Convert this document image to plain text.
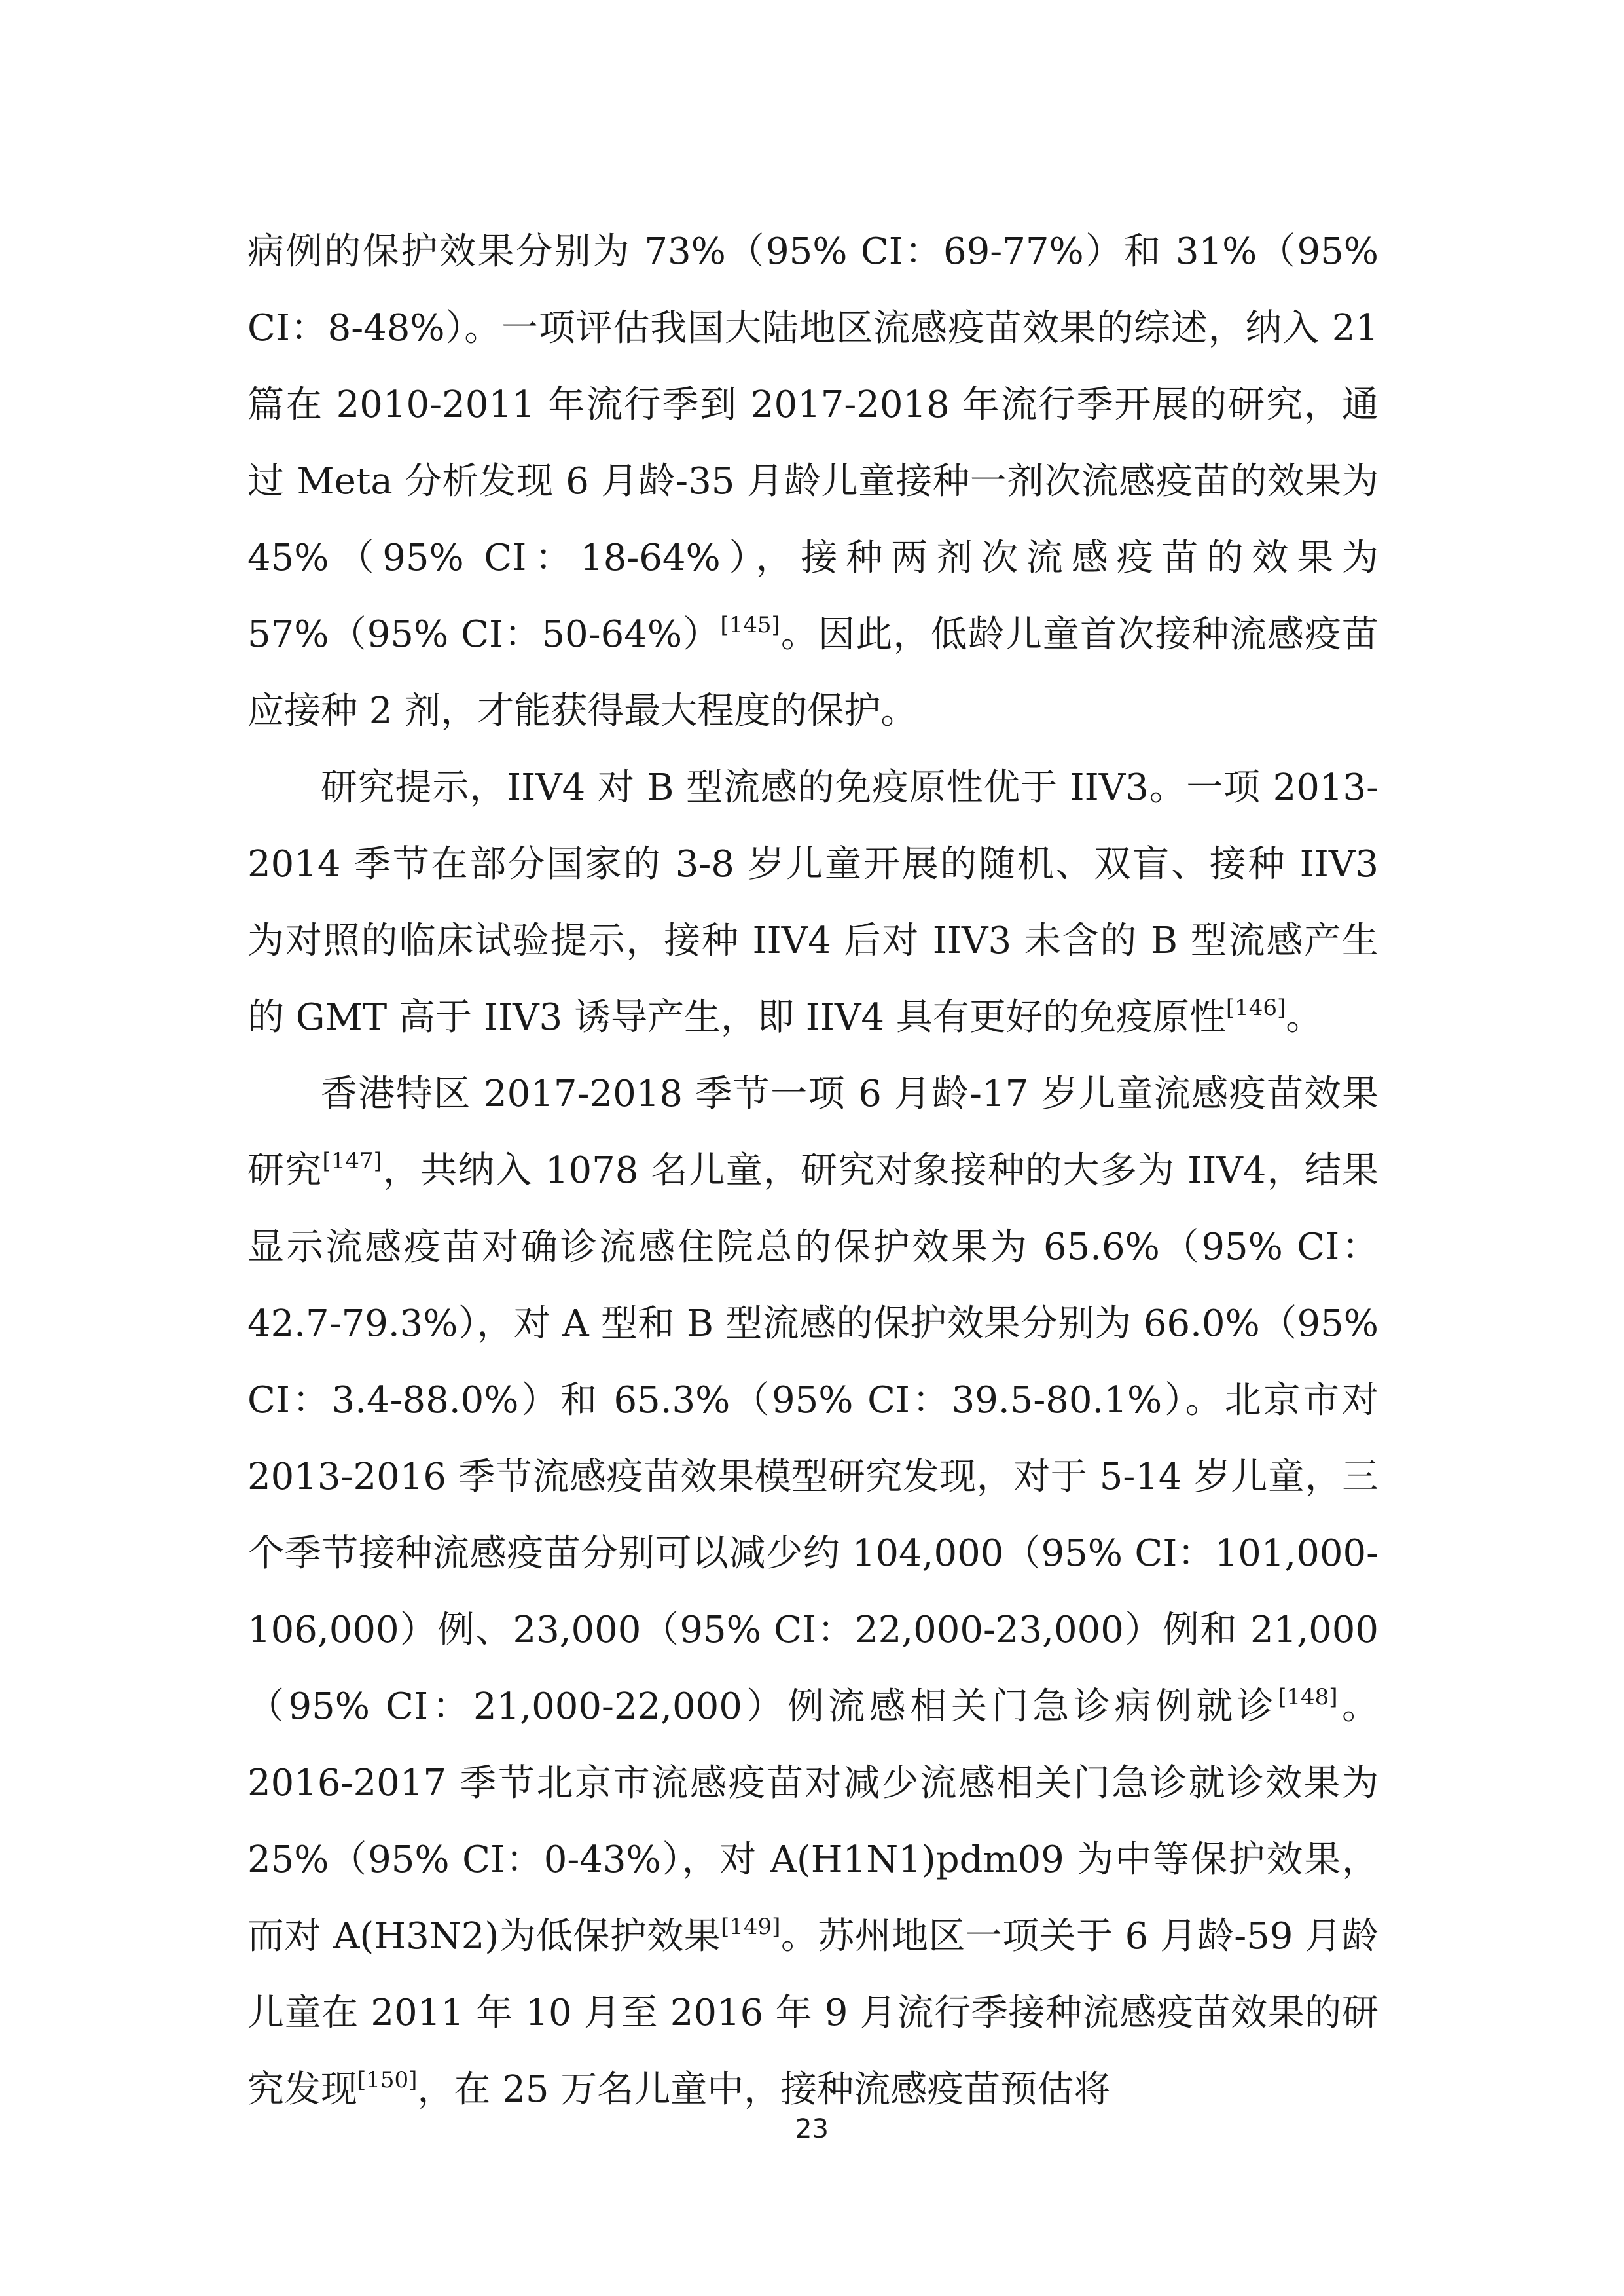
病例的保护效果分别为 73%（95% CI：69-77%）和 31%（95% CI：8-48%）。一项评估我国大陆地区流感疫苗效果的综述，纳入 21 篇在 2010-2011 年流行季到 2017-2018 年流行季开展的研究，通过 Meta 分析发现 6 月龄-35 月龄儿童接种一剂次流感疫苗的效果为 45%（95% CI：18-64%），接种两剂次流感疫苗的效果为 57%（95% CI：50-64%）[145]。因此，低龄儿童首次接种流感疫苗应接种 2 剂，才能获得最大程度的保护。

研究提示，IIV4 对 B 型流感的免疫原性优于 IIV3。一项 2013-2014 季节在部分国家的 3-8 岁儿童开展的随机、双盲、接种 IIV3 为对照的临床试验提示，接种 IIV4 后对 IIV3 未含的 B 型流感产生的 GMT 高于 IIV3 诱导产生，即 IIV4 具有更好的免疫原性[146]。

香港特区 2017-2018 季节一项 6 月龄-17 岁儿童流感疫苗效果研究[147]，共纳入 1078 名儿童，研究对象接种的大多为 IIV4，结果显示流感疫苗对确诊流感住院总的保护效果为 65.6%（95% CI：42.7-79.3%），对 A 型和 B 型流感的保护效果分别为 66.0%（95% CI：3.4-88.0%）和 65.3%（95% CI：39.5-80.1%）。北京市对 2013-2016 季节流感疫苗效果模型研究发现，对于 5-14 岁儿童，三个季节接种流感疫苗分别可以减少约 104,000（95% CI：101,000-106,000）例、23,000（95% CI：22,000-23,000）例和 21,000（95% CI：21,000-22,000）例流感相关门急诊病例就诊[148]。2016-2017 季节北京市流感疫苗对减少流感相关门急诊就诊效果为 25%（95% CI：0-43%），对 A(H1N1)pdm09 为中等保护效果，而对 A(H3N2)为低保护效果[149]。苏州地区一项关于 6 月龄-59 月龄儿童在 2011 年 10 月至 2016 年 9 月流行季接种流感疫苗效果的研究发现[150]，在 25 万名儿童中，接种流感疫苗预估将

23
